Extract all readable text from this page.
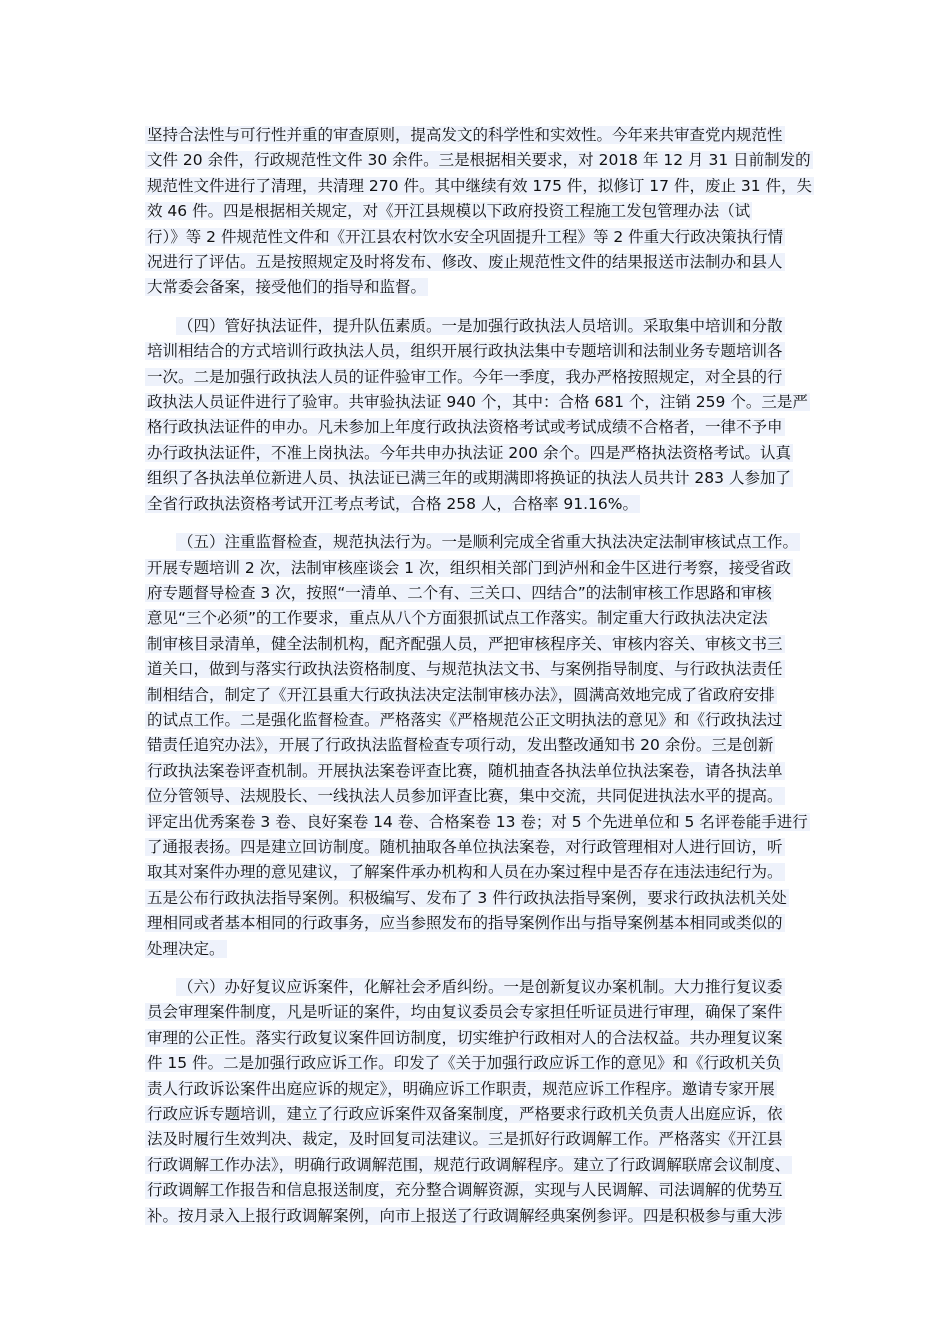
坚持合法性与可行性并重的审查原则，提高发文的科学性和实效性。今年来共审查党内规范性
文件 20 余件，行政规范性文件 30 余件。三是根据相关要求，对 2018 年 12 月 31 日前制发的
规范性文件进行了清理，共清理 270 件。其中继续有效 175 件，拟修订 17 件，废止 31 件，失
效 46 件。四是根据相关规定，对《开江县规模以下政府投资工程施工发包管理办法（试
行）》等 2 件规范性文件和《开江县农村饮水安全巩固提升工程》等 2 件重大行政决策执行情
况进行了评估。五是按照规定及时将发布、修改、废止规范性文件的结果报送市法制办和县人
大常委会备案，接受他们的指导和监督。
（四）管好执法证件，提升队伍素质。一是加强行政执法人员培训。采取集中培训和分散
培训相结合的方式培训行政执法人员，组织开展行政执法集中专题培训和法制业务专题培训各
一次。二是加强行政执法人员的证件验审工作。今年一季度，我办严格按照规定，对全县的行
政执法人员证件进行了验审。共审验执法证 940 个，其中：合格 681 个，注销 259 个。三是严
格行政执法证件的申办。凡未参加上年度行政执法资格考试或考试成绩不合格者，一律不予申
办行政执法证件，不准上岗执法。今年共申办执法证 200 余个。四是严格执法资格考试。认真
组织了各执法单位新进人员、执法证已满三年的或期满即将换证的执法人员共计 283 人参加了
全省行政执法资格考试开江考点考试，合格 258 人，合格率 91.16%。
（五）注重监督检查，规范执法行为。一是顺利完成全省重大执法决定法制审核试点工作。
开展专题培训 2 次，法制审核座谈会 1 次，组织相关部门到泸州和金牛区进行考察，接受省政
府专题督导检查 3 次，按照“一清单、二个有、三关口、四结合”的法制审核工作思路和审核
意见“三个必须”的工作要求，重点从八个方面狠抓试点工作落实。制定重大行政执法决定法
制审核目录清单，健全法制机构，配齐配强人员，严把审核程序关、审核内容关、审核文书三
道关口，做到与落实行政执法资格制度、与规范执法文书、与案例指导制度、与行政执法责任
制相结合，制定了《开江县重大行政执法决定法制审核办法》，圆满高效地完成了省政府安排
的试点工作。二是强化监督检查。严格落实《严格规范公正文明执法的意见》和《行政执法过
错责任追究办法》，开展了行政执法监督检查专项行动，发出整改通知书 20 余份。三是创新
行政执法案卷评查机制。开展执法案卷评查比赛，随机抽查各执法单位执法案卷，请各执法单
位分管领导、法规股长、一线执法人员参加评查比赛，集中交流，共同促进执法水平的提高。
评定出优秀案卷 3 卷、良好案卷 14 卷、合格案卷 13 卷；对 5 个先进单位和 5 名评卷能手进行
了通报表扬。四是建立回访制度。随机抽取各单位执法案卷，对行政管理相对人进行回访，听
取其对案件办理的意见建议，了解案件承办机构和人员在办案过程中是否存在违法违纪行为。
五是公布行政执法指导案例。积极编写、发布了 3 件行政执法指导案例，要求行政执法机关处
理相同或者基本相同的行政事务，应当参照发布的指导案例作出与指导案例基本相同或类似的
处理决定。
（六）办好复议应诉案件，化解社会矛盾纠纷。一是创新复议办案机制。大力推行复议委
员会审理案件制度，凡是听证的案件，均由复议委员会专家担任听证员进行审理，确保了案件
审理的公正性。落实行政复议案件回访制度，切实维护行政相对人的合法权益。共办理复议案
件 15 件。二是加强行政应诉工作。印发了《关于加强行政应诉工作的意见》和《行政机关负
责人行政诉讼案件出庭应诉的规定》，明确应诉工作职责，规范应诉工作程序。邀请专家开展
行政应诉专题培训，建立了行政应诉案件双备案制度，严格要求行政机关负责人出庭应诉，依
法及时履行生效判决、裁定，及时回复司法建议。三是抓好行政调解工作。严格落实《开江县
行政调解工作办法》，明确行政调解范围，规范行政调解程序。建立了行政调解联席会议制度、
行政调解工作报告和信息报送制度，充分整合调解资源，实现与人民调解、司法调解的优势互
补。按月录入上报行政调解案例，向市上报送了行政调解经典案例参评。四是积极参与重大涉
